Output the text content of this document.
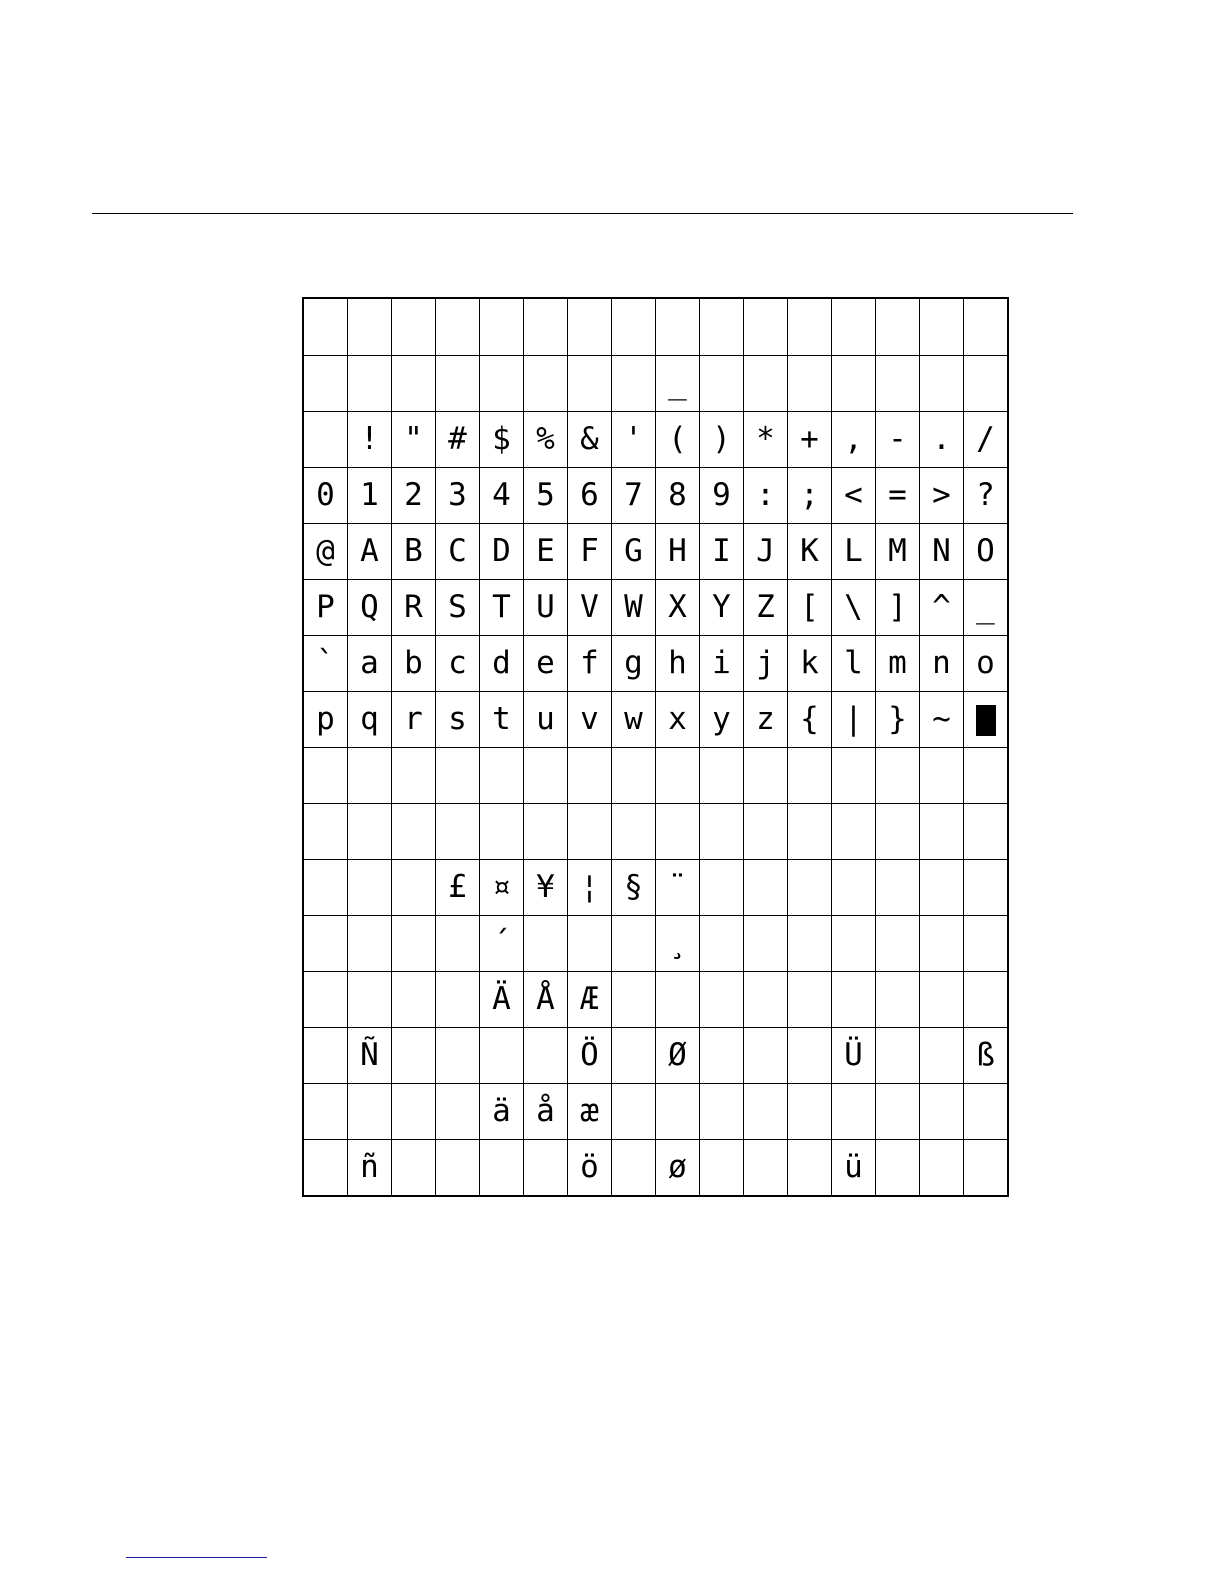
								_							
	!	"	#	$	%	&	'	(	)	*	+	,	-	.	/
0	1	2	3	4	5	6	7	8	9	:	;	<	=	>	?
@	A	B	C	D	E	F	G	H	I	J	K	L	M	N	O
P	Q	R	S	T	U	V	W	X	Y	Z	[	\	]	^	_
`	a	b	c	d	e	f	g	h	i	j	k	l	m	n	o
p	q	r	s	t	u	v	w	x	y	z	{	|	}	~	

			£	¤	¥	¦	§	¨							
				´				¸							
				Ä	Å	Æ									
	Ñ					Ö		Ø				Ü			ß
				ä	å	æ									
	ñ					ö		ø				ü			
